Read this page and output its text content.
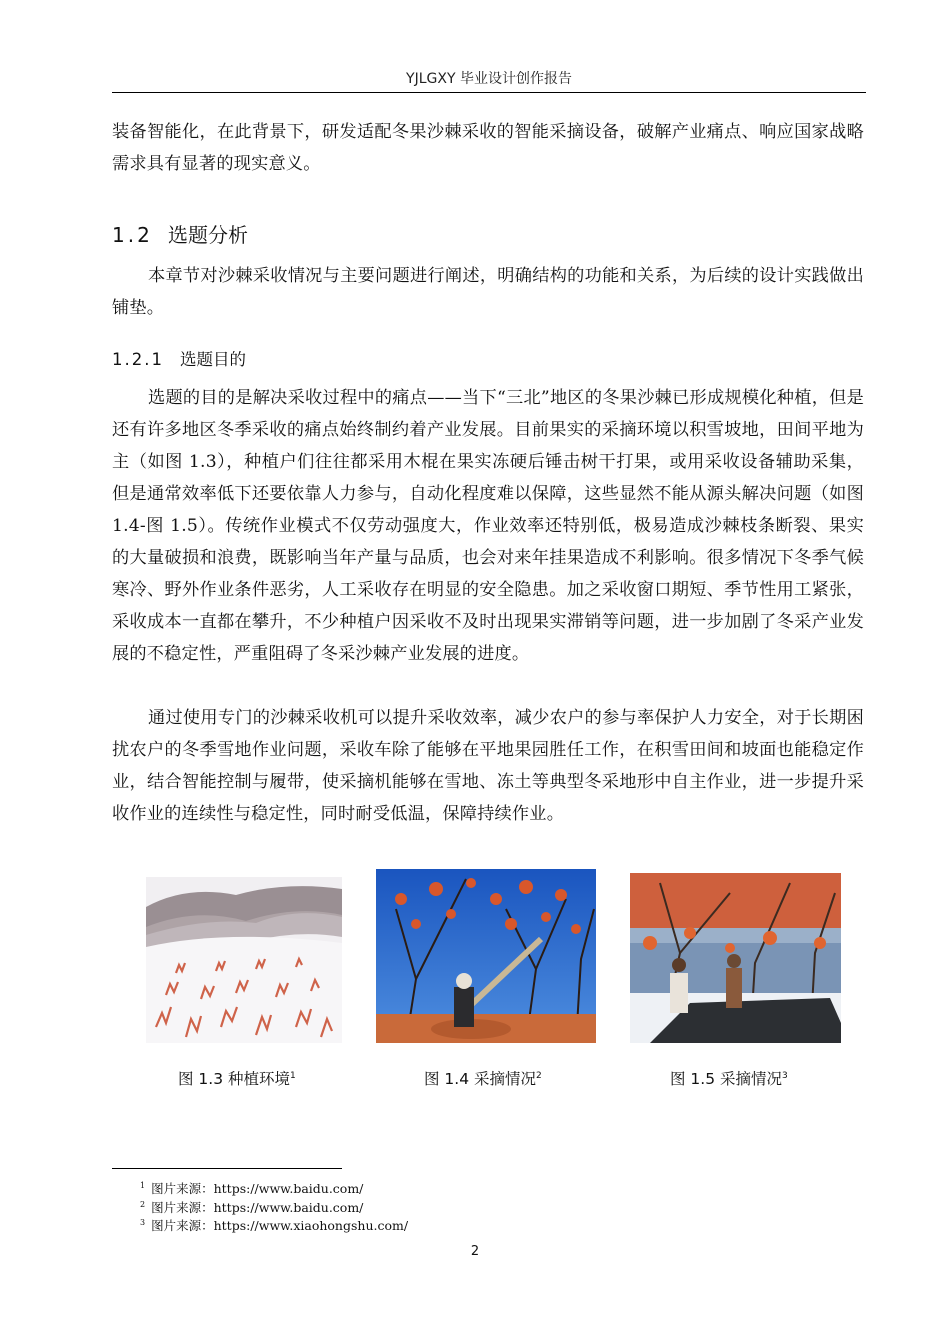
YJLGXY 毕业设计创作报告

装备智能化，在此背景下，研发适配冬果沙棘采收的智能采摘设备，破解产业痛点、响应国家战略需求具有显著的现实意义。

1.2 选题分析

本章节对沙棘采收情况与主要问题进行阐述，明确结构的功能和关系，为后续的设计实践做出铺垫。

1.2.1 选题目的

选题的目的是解决采收过程中的痛点——当下“三北”地区的冬果沙棘已形成规模化种植，但是还有许多地区冬季采收的痛点始终制约着产业发展。目前果实的采摘环境以积雪坡地，田间平地为主（如图 1.3），种植户们往往都采用木棍在果实冻硬后锤击树干打果，或用采收设备辅助采集，但是通常效率低下还要依靠人力参与，自动化程度难以保障，这些显然不能从源头解决问题（如图 1.4-图 1.5）。传统作业模式不仅劳动强度大，作业效率还特别低，极易造成沙棘枝条断裂、果实的大量破损和浪费，既影响当年产量与品质，也会对来年挂果造成不利影响。很多情况下冬季气候寒冷、野外作业条件恶劣，人工采收存在明显的安全隐患。加之采收窗口期短、季节性用工紧张，采收成本一直都在攀升，不少种植户因采收不及时出现果实滞销等问题，进一步加剧了冬采产业发展的不稳定性，严重阻碍了冬采沙棘产业发展的进度。

通过使用专门的沙棘采收机可以提升采收效率，减少农户的参与率保护人力安全，对于长期困扰农户的冬季雪地作业问题，采收车除了能够在平地果园胜任工作，在积雪田间和坡面也能稳定作业，结合智能控制与履带，使采摘机能够在雪地、冻土等典型冬采地形中自主作业，进一步提升采收作业的连续性与稳定性，同时耐受低温，保障持续作业。

图 1.3 种植环境$^1$	图 1.4 采摘情况$^2$	图 1.5 采摘情况$^3$
$^1$ 图片来源：https://www.baidu.com/
$^2$ 图片来源：https://www.baidu.com/
$^3$ 图片来源：https://www.xiaohongshu.com/
2
